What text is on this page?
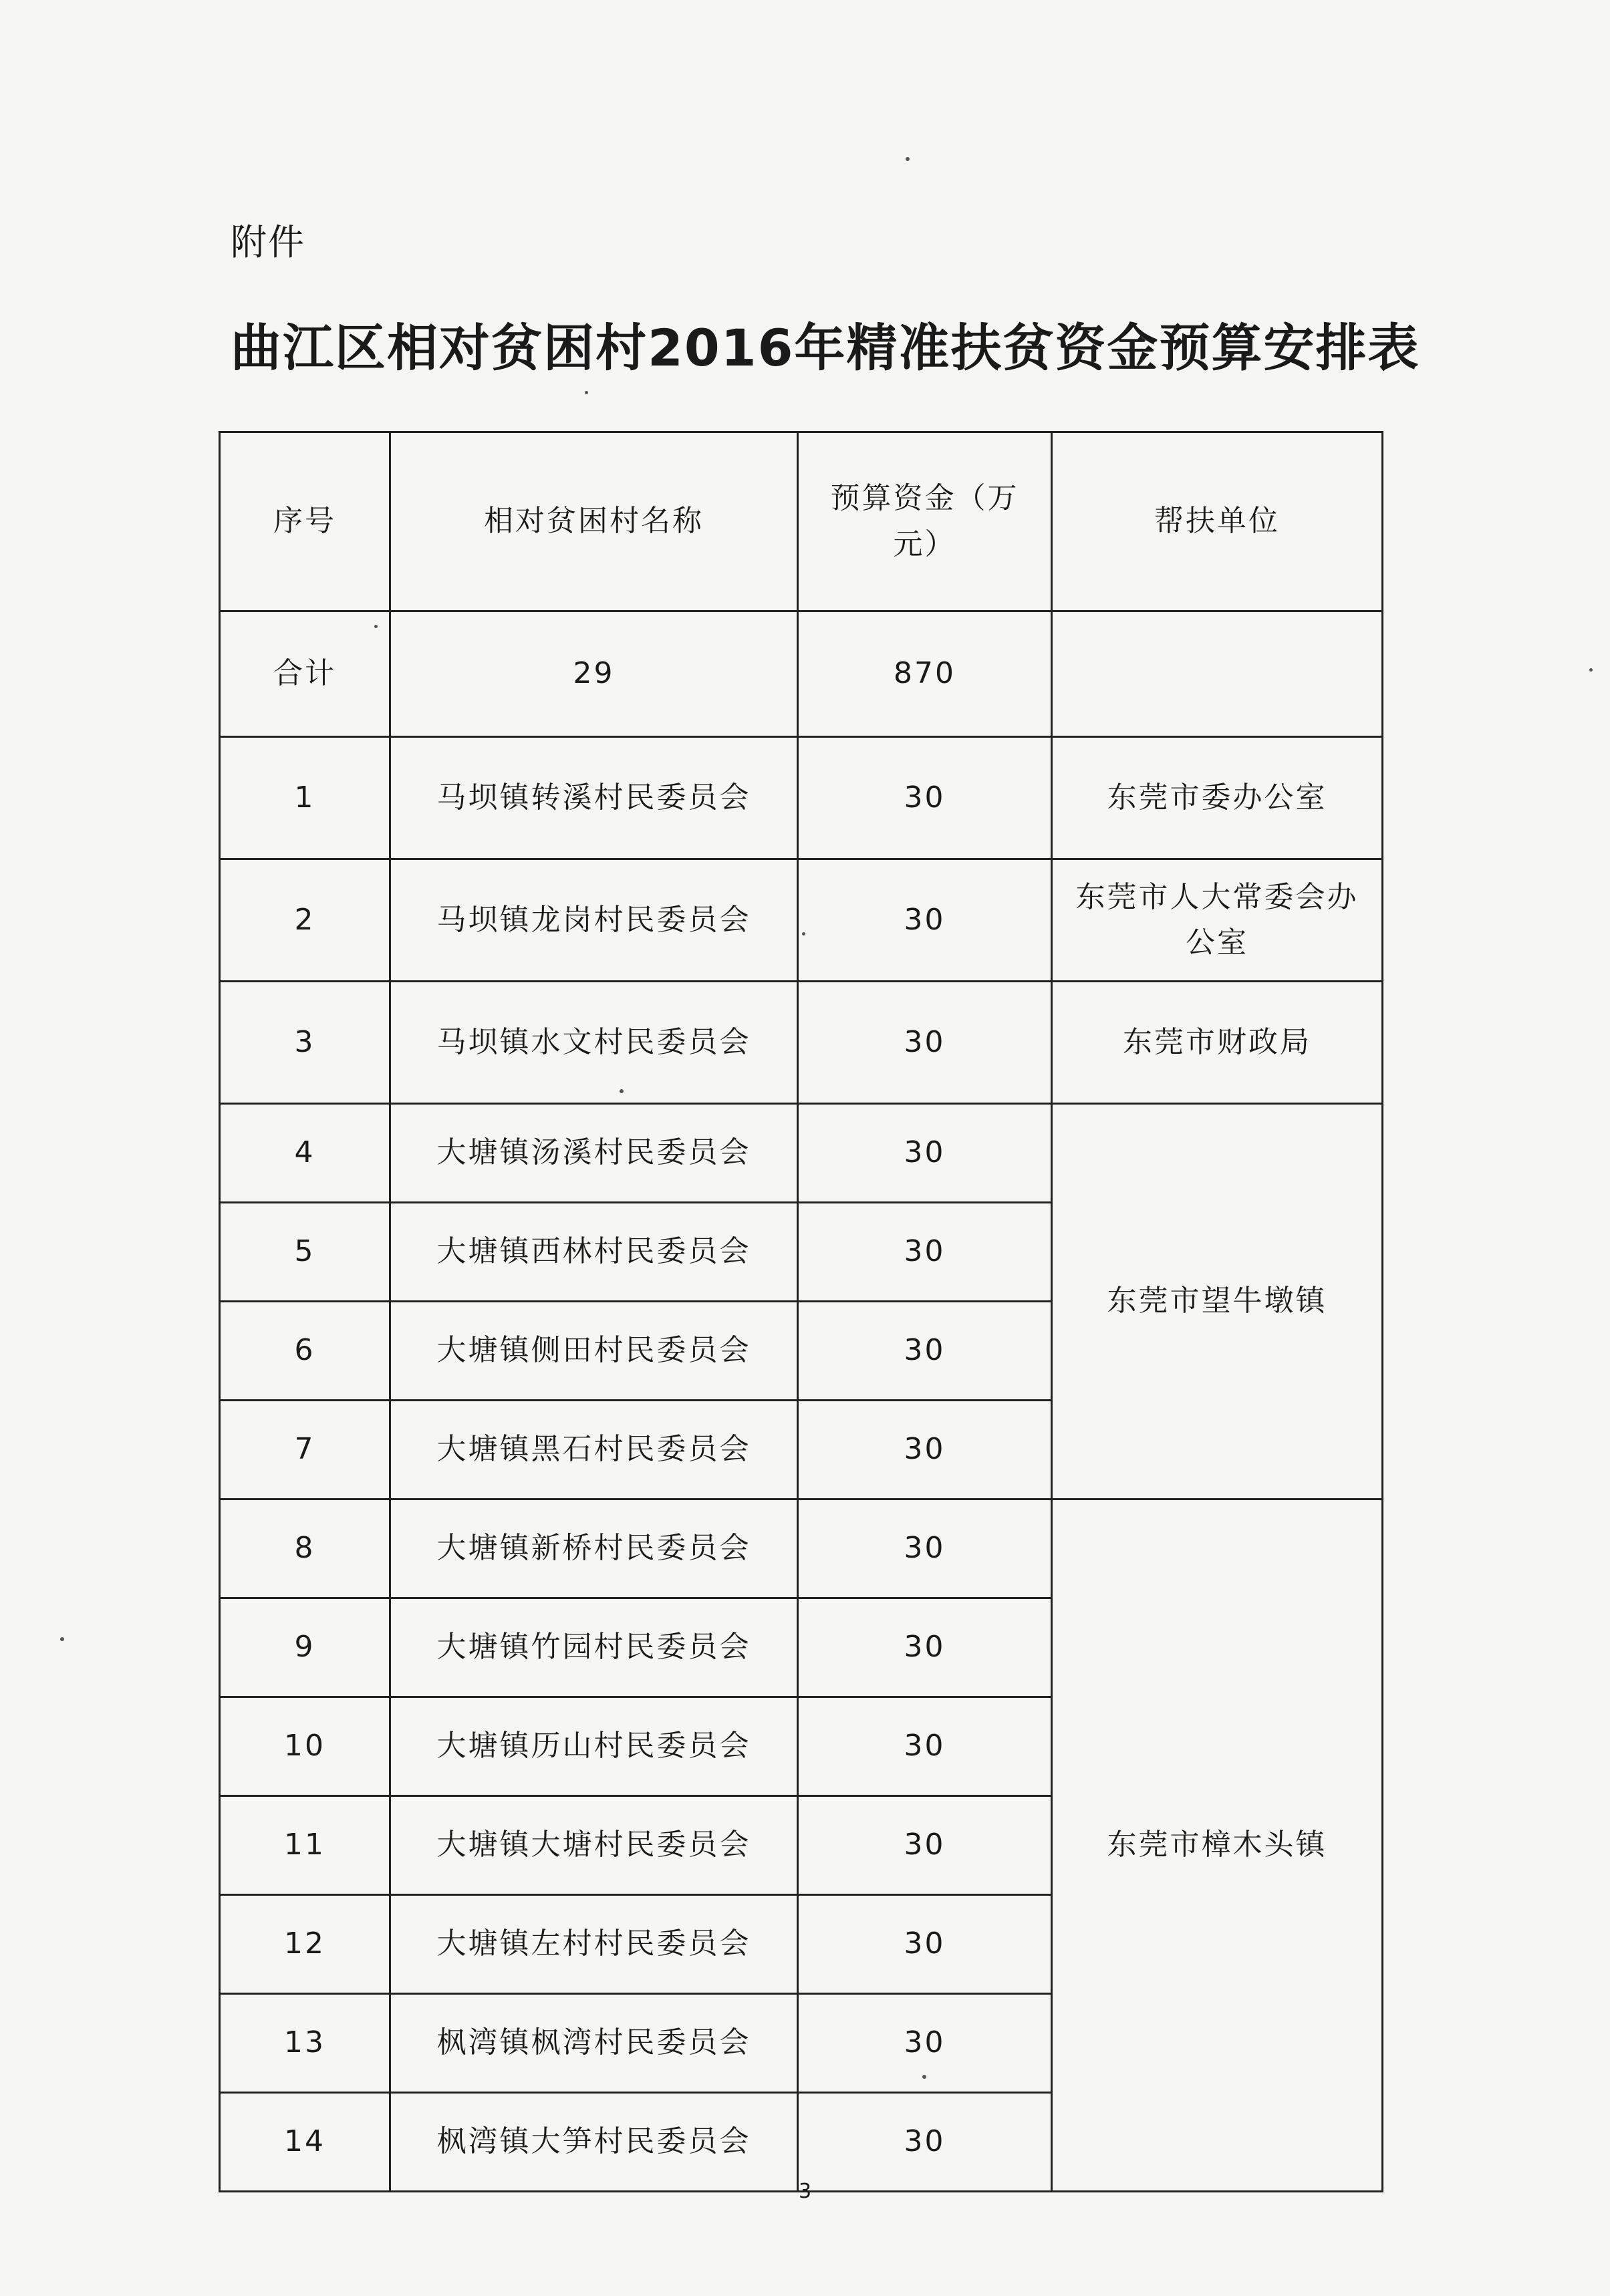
附件
曲江区相对贫困村2016年精准扶贫资金预算安排表
序号	相对贫困村名称	预算资金（万元）	帮扶单位
合计	29	870	
1	马坝镇转溪村民委员会	30	东莞市委办公室
2	马坝镇龙岗村民委员会	30	东莞市人大常委会办公室
3	马坝镇水文村民委员会	30	东莞市财政局
4	大塘镇汤溪村民委员会	30	东莞市望牛墩镇
5	大塘镇西林村民委员会	30	
6	大塘镇侧田村民委员会	30	
7	大塘镇黑石村民委员会	30	
8	大塘镇新桥村民委员会	30	东莞市樟木头镇
9	大塘镇竹园村民委员会	30	
10	大塘镇历山村民委员会	30	
11	大塘镇大塘村民委员会	30	
12	大塘镇左村村民委员会	30	
13	枫湾镇枫湾村民委员会	30	
14	枫湾镇大笋村民委员会	30	
3
